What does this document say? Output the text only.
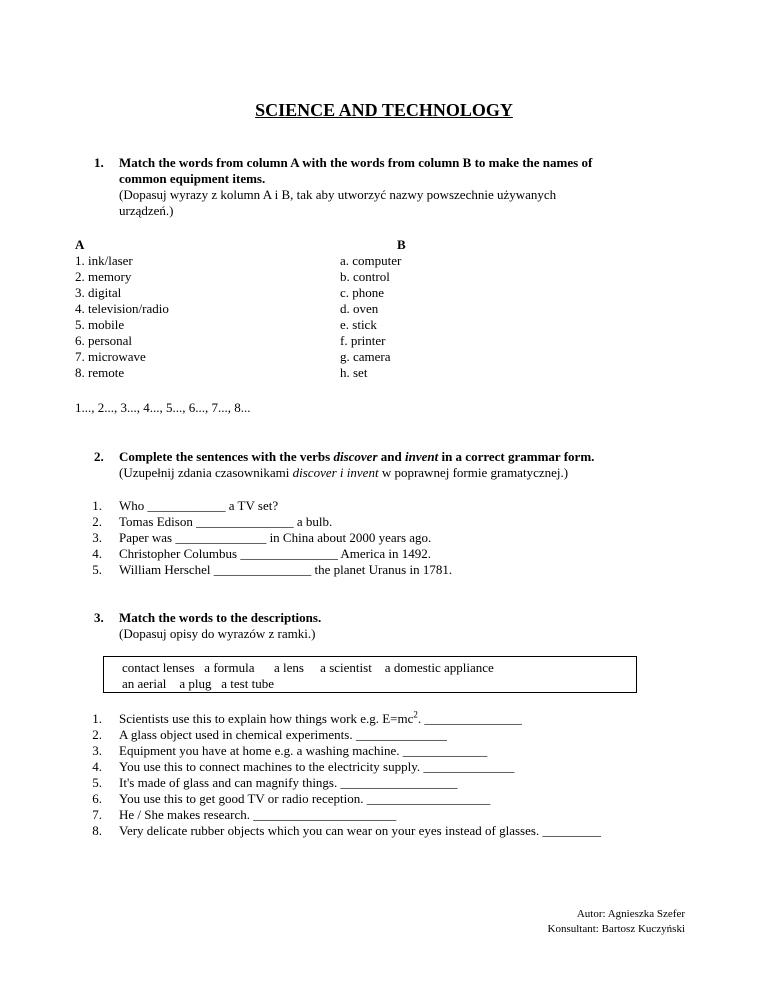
SCIENCE AND TECHNOLOGY
1. Match the words from column A with the words from column B to make the names of
common equipment items.
(Dopasuj wyrazy z kolumn A i B, tak aby utworzyć nazwy powszechnie używanych
urządzeń.)
A	B
1. ink/laser
2. memory
3. digital
4. television/radio
5. mobile
6. personal
7. microwave
8. remote
a. computer
b. control
c. phone
d. oven
e. stick
f. printer
g. camera
h. set
1..., 2..., 3..., 4..., 5..., 6..., 7..., 8...
2. Complete the sentences with the verbs discover and invent in a correct grammar form.
(Uzupełnij zdania czasownikami discover i invent w poprawnej formie gramatycznej.)
1. Who ____________ a TV set?
2. Tomas Edison _______________ a bulb.
3. Paper was ______________ in China about 2000 years ago.
4. Christopher Columbus _______________ America in 1492.
5. William Herschel _______________ the planet Uranus in 1781.
3. Match the words to the descriptions.
(Dopasuj opisy do wyrazów z ramki.)
contact lenses   a formula      a lens     a scientist    a domestic appliance
an aerial    a plug   a test tube
1. Scientists use this to explain how things work e.g. $E=mc^2$. _______________
2. A glass object used in chemical experiments. ______________
3. Equipment you have at home e.g. a washing machine. _____________
4. You use this to connect machines to the electricity supply. ______________
5. It's made of glass and can magnify things. __________________
6. You use this to get good TV or radio reception. ___________________
7. He / She makes research. ______________________
8. Very delicate rubber objects which you can wear on your eyes instead of glasses. _________
Autor: Agnieszka Szefer
Konsultant: Bartosz Kuczyński
